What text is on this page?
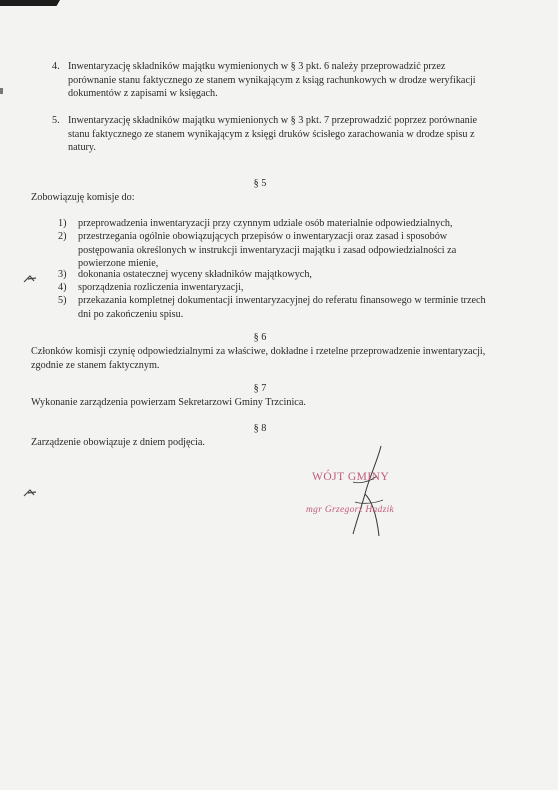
4. Inwentaryzację składników majątku wymienionych w § 3 pkt. 6 należy przeprowadzić przez porównanie stanu faktycznego ze stanem wynikającym z ksiąg rachunkowych w drodze weryfikacji dokumentów z zapisami w księgach.
5. Inwentaryzację składników majątku wymienionych w § 3 pkt. 7 przeprowadzić poprzez porównanie stanu faktycznego ze stanem wynikającym z księgi druków ścisłego zarachowania w drodze spisu z natury.
§ 5
Zobowiązuję komisje do:
1) przeprowadzenia inwentaryzacji przy czynnym udziale osób materialnie odpowiedzialnych,
2) przestrzegania ogólnie obowiązujących przepisów o inwentaryzacji oraz zasad i sposobów postępowania określonych w instrukcji inwentaryzacji majątku i zasad odpowiedzialności za powierzone mienie,
3) dokonania ostatecznej wyceny składników majątkowych,
4) sporządzenia rozliczenia inwentaryzacji,
5) przekazania kompletnej dokumentacji inwentaryzacyjnej do referatu finansowego w terminie trzech dni po zakończeniu spisu.
§ 6
Członków komisji czynię odpowiedzialnymi za właściwe, dokładne i rzetelne przeprowadzenie inwentaryzacji, zgodnie ze stanem faktycznym.
§ 7
Wykonanie zarządzenia powierzam Sekretarzowi Gminy Trzcinica.
§ 8
Zarządzenie obowiązuje z dniem podjęcia.
WÓJT GMINY
mgr Grzegorz Hadzik
